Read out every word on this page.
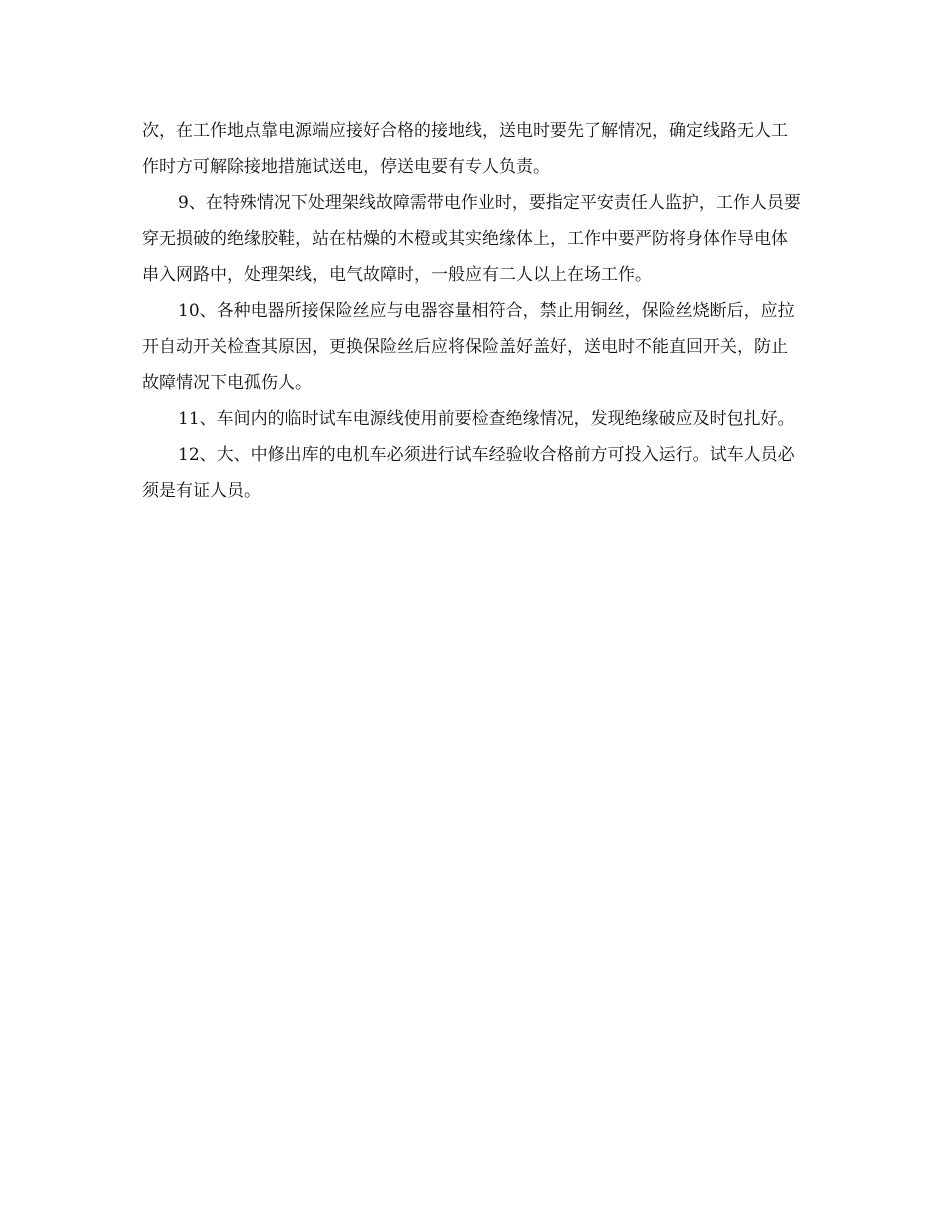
次，在工作地点靠电源端应接好合格的接地线，送电时要先了解情况，确定线路无人工作时方可解除接地措施试送电，停送电要有专人负责。

9、在特殊情况下处理架线故障需带电作业时，要指定平安责任人监护，工作人员要穿无损破的绝缘胶鞋，站在枯燥的木橙或其实绝缘体上，工作中要严防将身体作导电体串入网路中，处理架线，电气故障时，一般应有二人以上在场工作。

10、各种电器所接保险丝应与电器容量相符合，禁止用铜丝，保险丝烧断后，应拉开自动开关检查其原因，更换保险丝后应将保险盖好盖好，送电时不能直回开关，防止故障情况下电孤伤人。

11、车间内的临时试车电源线使用前要检查绝缘情况，发现绝缘破应及时包扎好。

12、大、中修出库的电机车必须进行试车经验收合格前方可投入运行。试车人员必须是有证人员。
